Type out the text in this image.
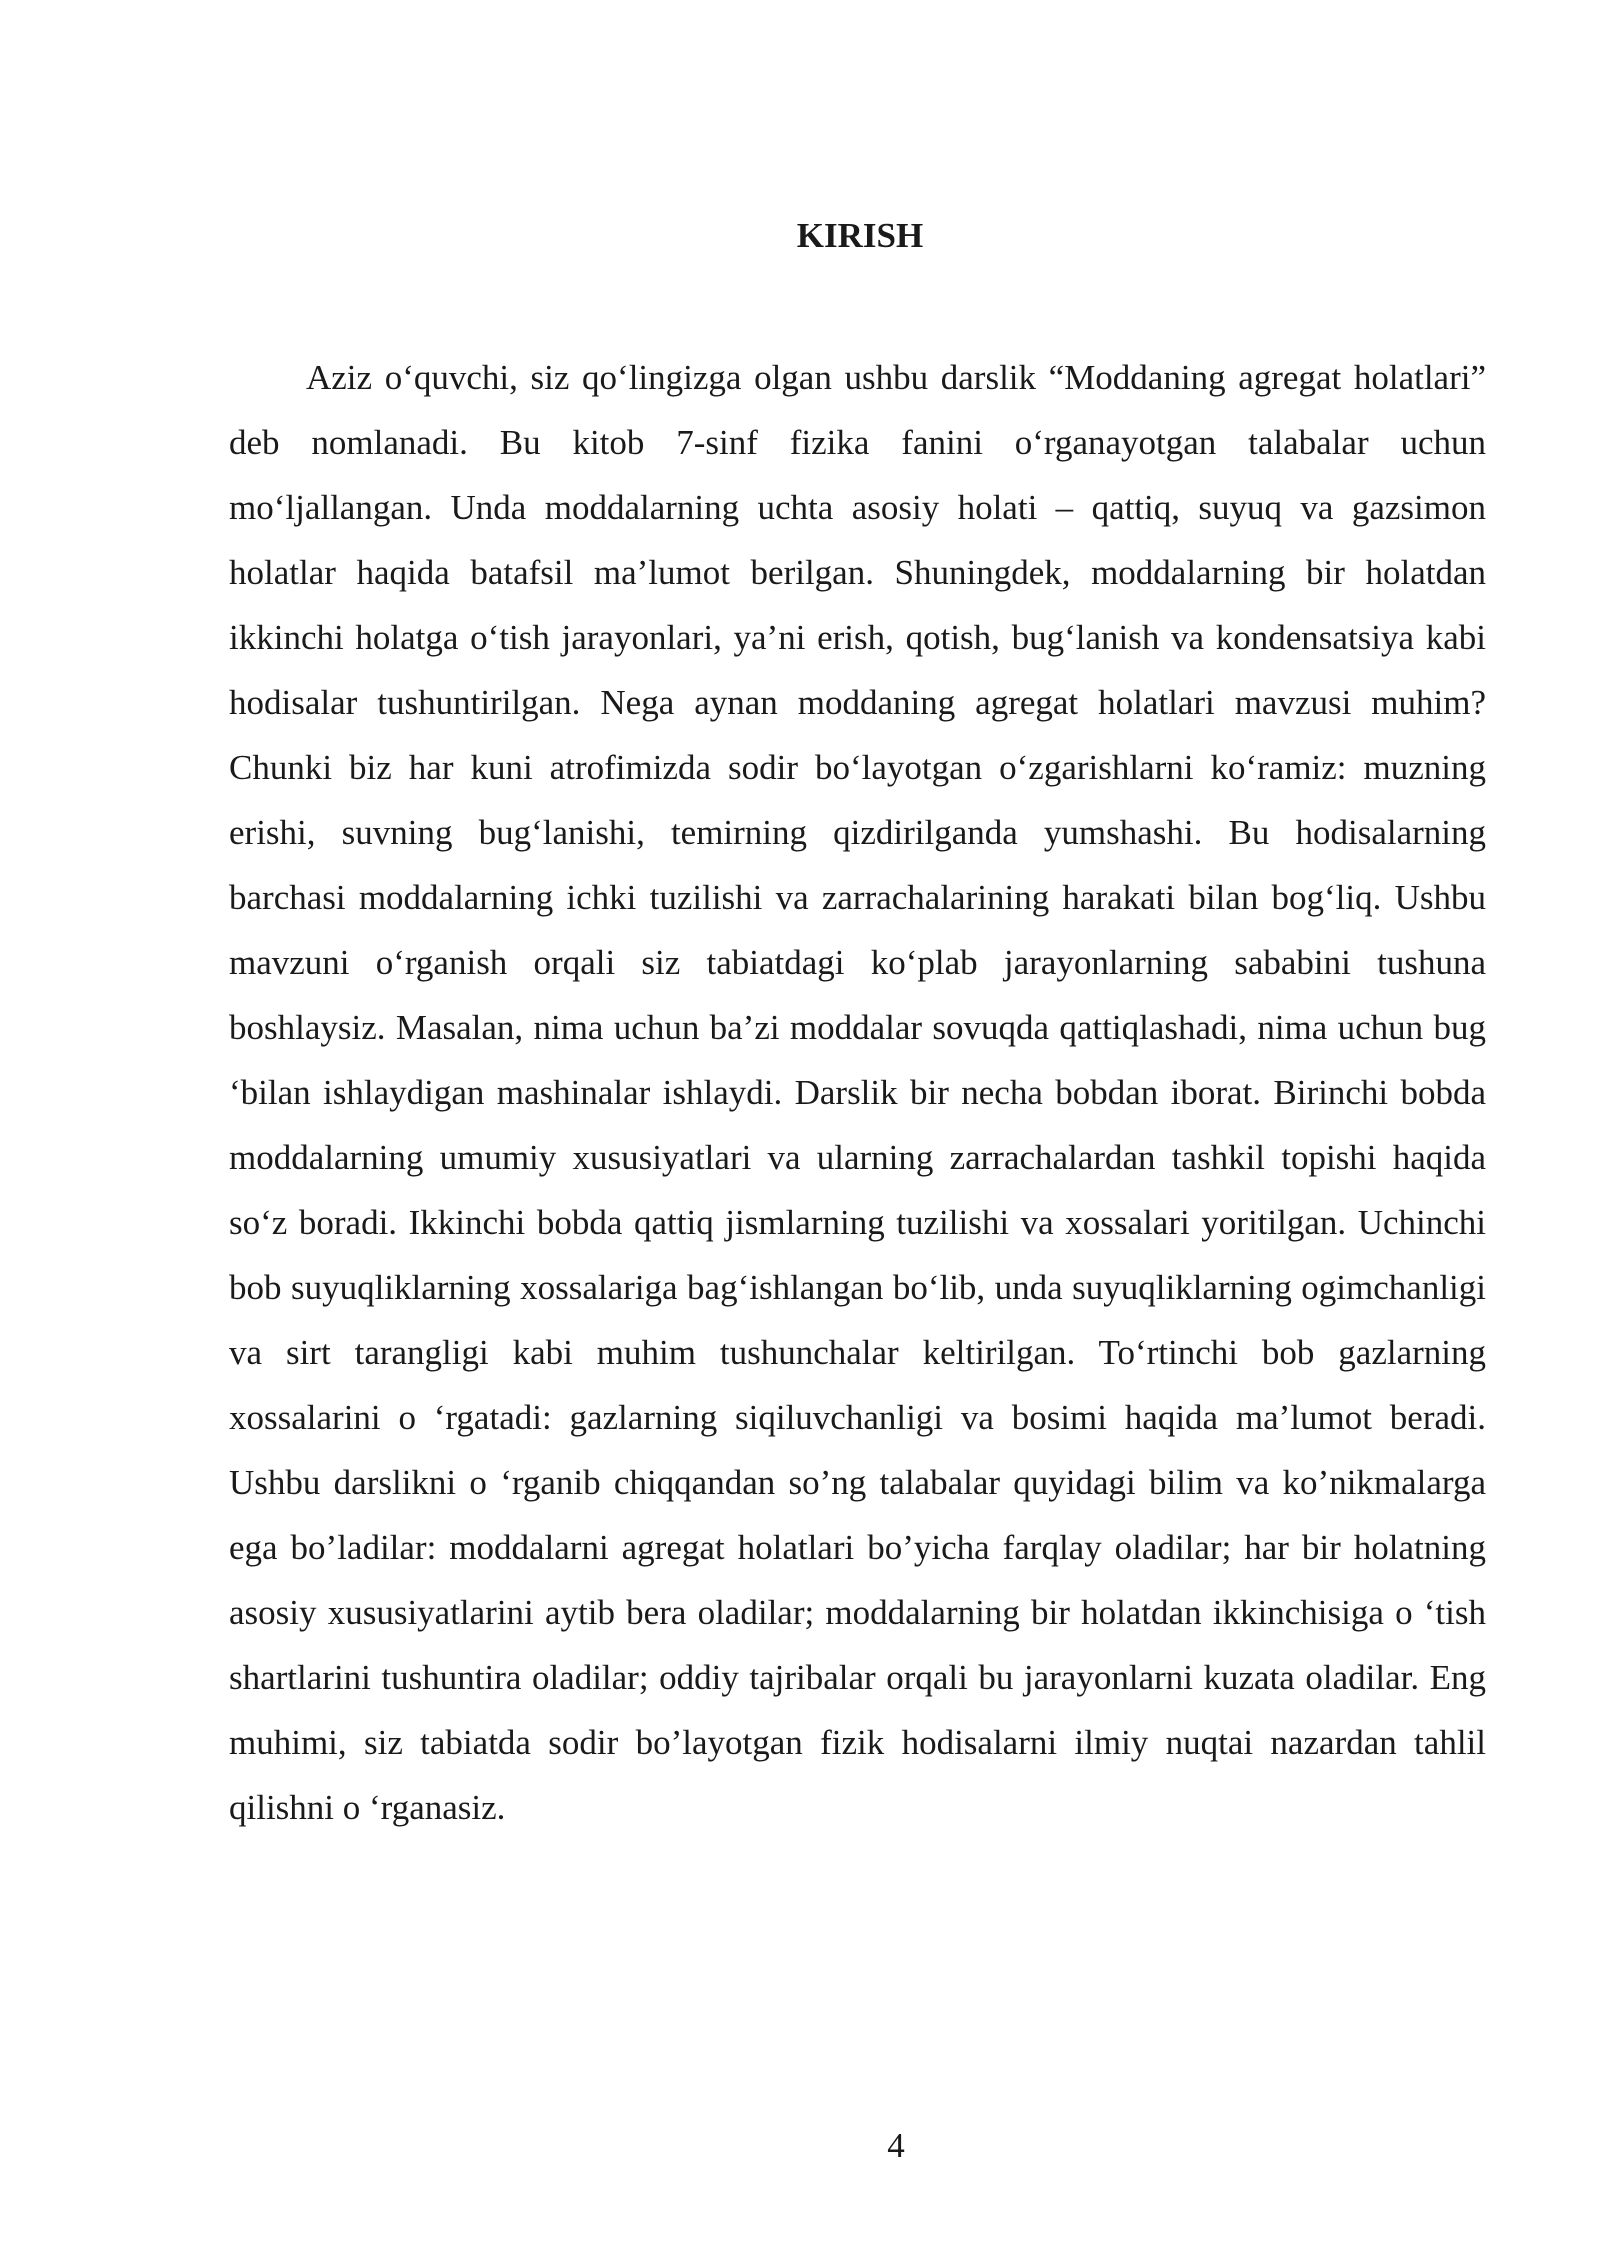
KIRISH

Aziz o‘quvchi, siz qo‘lingizga olgan ushbu darslik “Moddaning agregat holatlari” deb nomlanadi. Bu kitob 7-sinf fizika fanini o‘rganayotgan talabalar uchun mo‘ljallangan. Unda moddalarning uchta asosiy holati – qattiq, suyuq va gazsimon holatlar haqida batafsil ma’lumot berilgan. Shuningdek, moddalarning bir holatdan ikkinchi holatga o‘tish jarayonlari, ya’ni erish, qotish, bug‘lanish va kondensatsiya kabi hodisalar tushuntirilgan. Nega aynan moddaning agregat holatlari mavzusi muhim? Chunki biz har kuni atrofimizda sodir bo‘layotgan o‘zgarishlarni ko‘ramiz: muzning erishi, suvning bug‘lanishi, temirning qizdirilganda yumshashi. Bu hodisalarning barchasi moddalarning ichki tuzilishi va zarrachalarining harakati bilan bog‘liq. Ushbu mavzuni o‘rganish orqali siz tabiatdagi ko‘plab jarayonlarning sababini tushuna boshlaysiz. Masalan, nima uchun ba’zi moddalar sovuqda qattiqlashadi, nima uchun bug ‘bilan ishlaydigan mashinalar ishlaydi. Darslik bir necha bobdan iborat. Birinchi bobda moddalarning umumiy xususiyatlari va ularning zarrachalardan tashkil topishi haqida so‘z boradi. Ikkinchi bobda qattiq jismlarning tuzilishi va xossalari yoritilgan. Uchinchi bob suyuqliklarning xossalariga bag‘ishlangan bo‘lib, unda suyuqliklarning ogimchanligi va sirt tarangligi kabi muhim tushunchalar keltirilgan. To‘rtinchi bob gazlarning xossalarini o ‘rgatadi: gazlarning siqiluvchanligi va bosimi haqida ma’lumot beradi. Ushbu darslikni o ‘rganib chiqqandan so’ng talabalar quyidagi bilim va ko’nikmalarga ega bo’ladilar: moddalarni agregat holatlari bo’yicha farqlay oladilar; har bir holatning asosiy xususiyatlarini aytib bera oladilar; moddalarning bir holatdan ikkinchisiga o ‘tish shartlarini tushuntira oladilar; oddiy tajribalar orqali bu jarayonlarni kuzata oladilar. Eng muhimi, siz tabiatda sodir bo’layotgan fizik hodisalarni ilmiy nuqtai nazardan tahlil qilishni o ‘rganasiz.

4
